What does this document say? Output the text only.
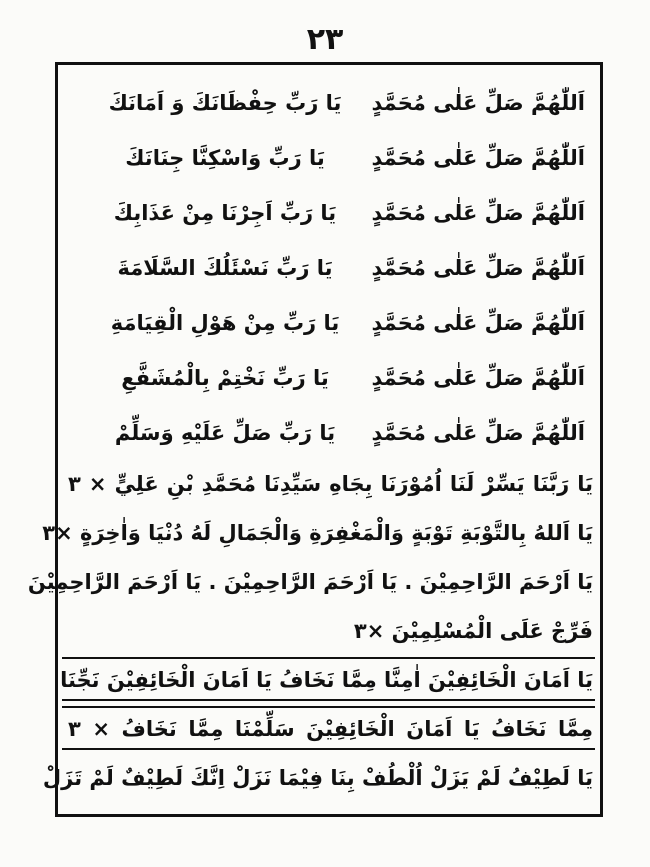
٢٣
اَللّٰهُمَّ صَلِّ عَلٰى مُحَمَّدٍ
يَا رَبِّ حِفْظَانَكَ وَ اَمَانَكَ
اَللّٰهُمَّ صَلِّ عَلٰى مُحَمَّدٍ
يَا رَبِّ وَاسْكِنَّا جِنَانَكَ
اَللّٰهُمَّ صَلِّ عَلٰى مُحَمَّدٍ
يَا رَبِّ اَجِرْنَا مِنْ عَذَابِكَ
اَللّٰهُمَّ صَلِّ عَلٰى مُحَمَّدٍ
يَا رَبِّ نَسْئَلُكَ السَّلَامَةَ
اَللّٰهُمَّ صَلِّ عَلٰى مُحَمَّدٍ
يَا رَبِّ مِنْ هَوْلِ الْقِيَامَةِ
اَللّٰهُمَّ صَلِّ عَلٰى مُحَمَّدٍ
يَا رَبِّ نَخْتِمْ بِالْمُشَفَّعِ
اَللّٰهُمَّ صَلِّ عَلٰى مُحَمَّدٍ
يَا رَبِّ صَلِّ عَلَيْهِ وَسَلِّمْ
يَا رَبَّنَا يَسِّرْ لَنَا اُمُوْرَنَا بِجَاهِ سَيِّدِنَا مُحَمَّدِ بْنِ عَلِيٍّ × ٣
يَا اَللهُ بِالتَّوْبَةِ تَوْبَةٍ وَالْمَغْفِرَةِ وَالْجَمَالِ لَهُ دُنْيَا وَاٰخِرَةٍ ×٣
يَا اَرْحَمَ الرَّاحِمِيْنَ . يَا اَرْحَمَ الرَّاحِمِيْنَ . يَا اَرْحَمَ الرَّاحِمِيْنَ
فَرِّجْ عَلَى الْمُسْلِمِيْنَ ×٣
يَا اَمَانَ الْخَائِفِيْنَ اٰمِنَّا مِمَّا نَخَافُ يَا اَمَانَ الْخَائِفِيْنَ نَجِّنَا
مِمَّا نَخَافُ يَا اَمَانَ الْخَائِفِيْنَ سَلِّمْنَا مِمَّا نَخَافُ × ٣
يَا لَطِيْفُ لَمْ يَزَلْ اُلْطُفْ بِنَا فِيْمَا نَزَلْ اِنَّكَ لَطِيْفٌ لَمْ تَزَلْ
